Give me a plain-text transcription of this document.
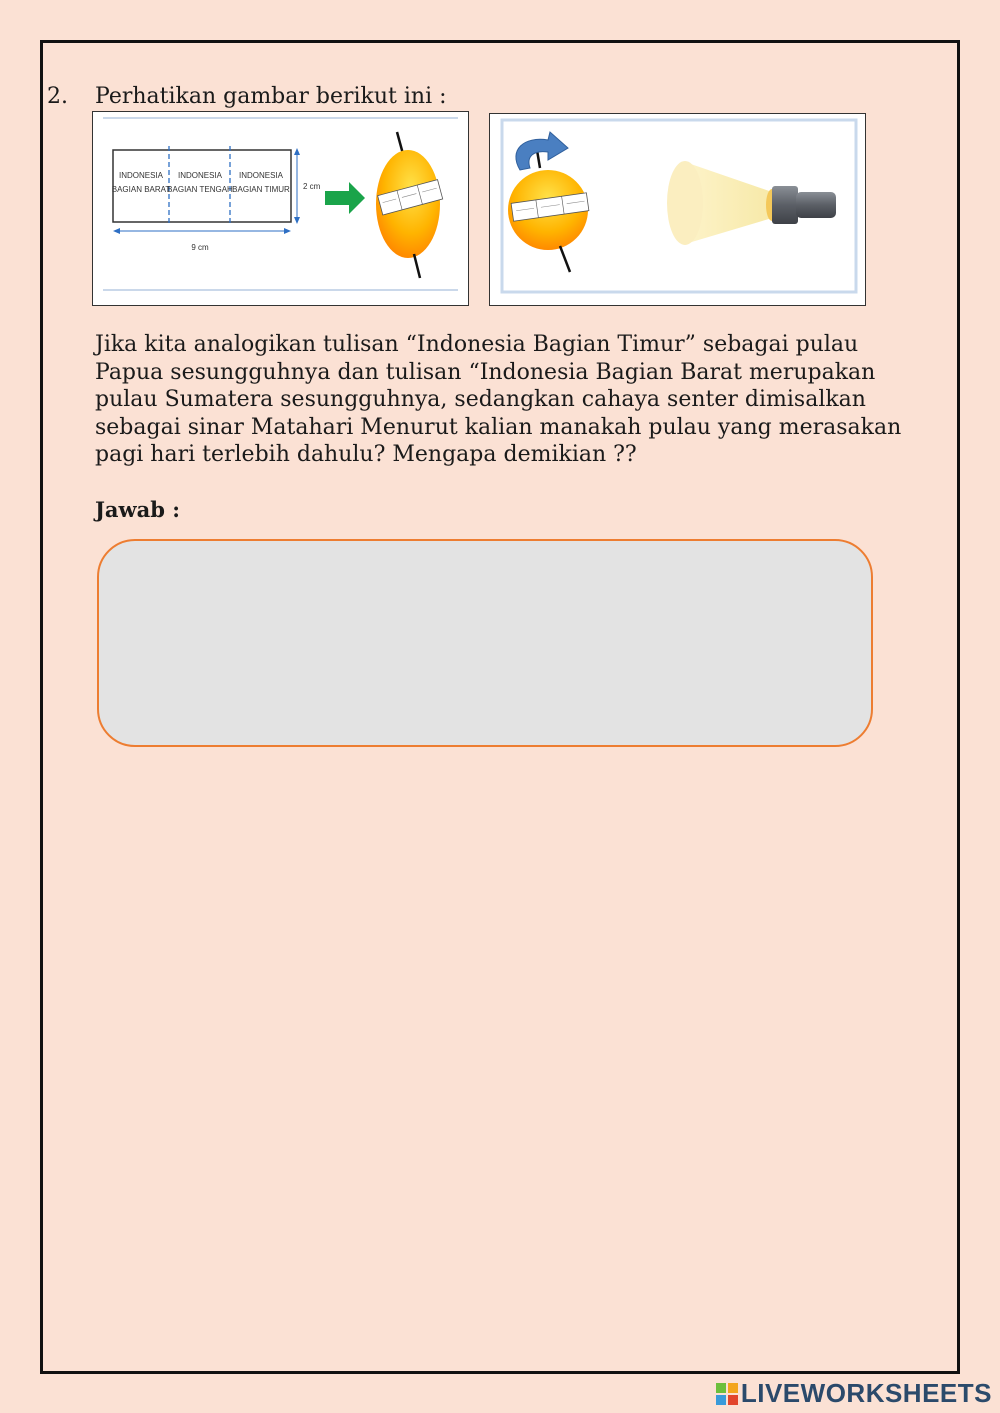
2. Perhatikan gambar berikut ini :
INDONESIA
BAGIAN BARAT
INDONESIA
BAGIAN TENGAH
INDONESIA
BAGIAN TIMUR 2 cm
9 cm
Jika kita analogikan tulisan “Indonesia Bagian Timur” sebagai pulau
Papua sesungguhnya dan tulisan “Indonesia Bagian Barat merupakan
pulau Sumatera sesungguhnya, sedangkan cahaya senter dimisalkan
sebagai sinar Matahari Menurut kalian manakah pulau yang merasakan
pagi hari terlebih dahulu? Mengapa demikian ??
Jawab :
LIVEWORKSHEETS
